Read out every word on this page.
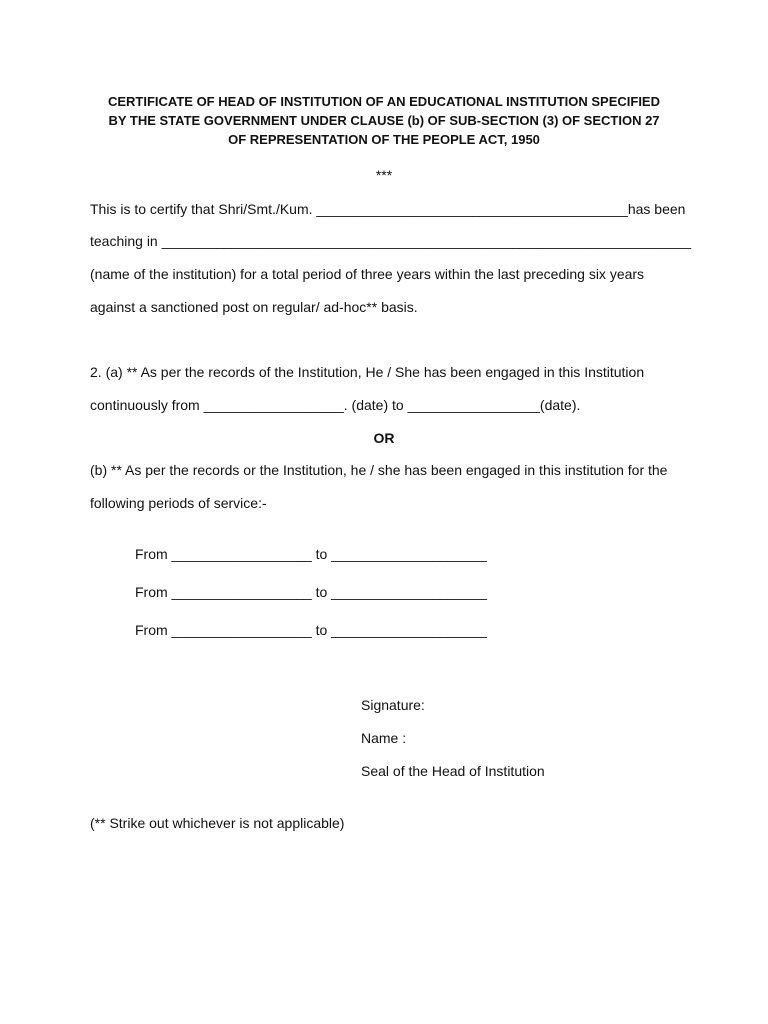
CERTIFICATE OF HEAD OF INSTITUTION OF AN EDUCATIONAL INSTITUTION SPECIFIED
BY THE STATE GOVERNMENT UNDER CLAUSE (b) OF SUB-SECTION (3) OF SECTION 27
OF REPRESENTATION OF THE PEOPLE ACT, 1950

***

This is to certify that Shri/Smt./Kum. ________________________________________has been

teaching in ____________________________________________________________________

(name of the institution) for a total period of three years within the last preceding six years

against a sanctioned post on regular/ ad-hoc** basis.

2. (a) ** As per the records of the Institution, He / She has been engaged in this Institution

continuously from __________________. (date) to _________________(date).

OR

(b) ** As per the records or the Institution, he / she has been engaged in this institution for the

following periods of service:-

From __________________ to ____________________

From __________________ to ____________________

From __________________ to ____________________

Signature:

Name :

Seal of the Head of Institution

(** Strike out whichever is not applicable)
